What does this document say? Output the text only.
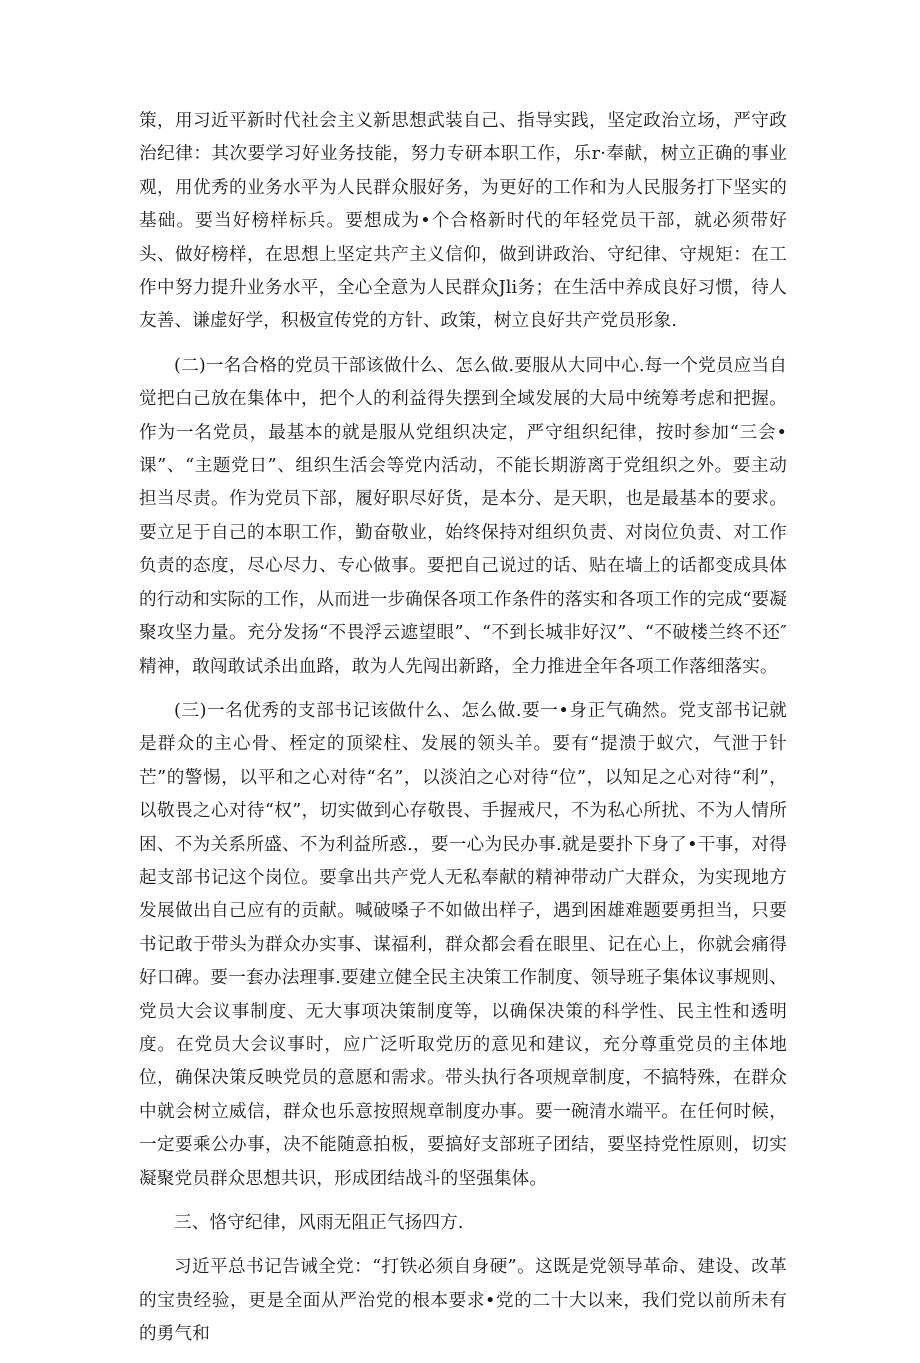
策，用习近平新时代社会主义新思想武装自己、指导实践，坚定政治立场，严守政治纪律：其次要学习好业务技能，努力专研本职工作，乐r·奉献，树立正确的事业观，用优秀的业务水平为人民群众服好务，为更好的工作和为人民服务打下坚实的基础。要当好榜样标兵。要想成为•个合格新时代的年轻党员干部，就必须带好头、做好榜样，在思想上坚定共产主义信仰，做到讲政治、守纪律、守规矩：在工作中努力提升业务水平，全心全意为人民群众Jli务；在生活中养成良好习惯，待人友善、谦虚好学，积极宣传党的方针、政策，树立良好共产党员形象.

(二)一名合格的党员干部该做什么、怎么做.要服从大同中心.每一个党员应当自觉把白己放在集体中，把个人的利益得失摆到全域发展的大局中统筹考虑和把握。作为一名党员，最基本的就是服从党组织决定，严守组织纪律，按时参加“三会•课”、“主题党日”、组织生活会等党内活动，不能长期游离于党组织之外。要主动担当尽责。作为党员下部，履好职尽好货，是本分、是天职，也是最基本的要求。要立足于自己的本职工作，勤奋敬业，始终保持对组织负责、对岗位负责、对工作负责的态度，尽心尽力、专心做事。要把自己说过的话、贴在墙上的话都变成具体的行动和实际的工作，从而进一步确保各项工作条件的落实和各项工作的完成“要凝聚攻坚力量。充分发扬“不畏浮云遮望眼”、“不到长城非好汉”、“不破楼兰终不还″精神，敢闯敢试杀出血路，敢为人先闯出新路，全力推进全年各项工作落细落实。

(三)一名优秀的支部书记该做什么、怎么做.要一•身正气确然。党支部书记就是群众的主心骨、桎定的顶梁柱、发展的领头羊。要有“提溃于蚁穴，气泄于针芒”的警惕，以平和之心对待“名”，以淡泊之心对待“位”，以知足之心对待“利”，以敬畏之心对待“权”，切实做到心存敬畏、手握戒尺，不为私心所扰、不为人情所困、不为关系所盛、不为利益所惑.，要一心为民办事.就是要扑下身了•干事，对得起支部书记这个岗位。要拿出共产党人无私奉献的精神带动广大群众，为实现地方发展做出自己应有的贡献。喊破嗓子不如做出样子，遇到困雄难题要勇担当，只要书记敢于带头为群众办实事、谋福利，群众都会看在眼里、记在心上，你就会痛得好口碑。要一套办法理事.要建立健全民主决策工作制度、领导班子集体议事规则、党员大会议事制度、无大事项决策制度等，以确保决策的科学性、民主性和透明度。在党员大会议事时，应广泛听取党历的意见和建议，充分尊重党员的主体地位，确保决策反映党员的意愿和需求。带头执行各项规章制度，不搞特殊，在群众中就会树立威信，群众也乐意按照规章制度办事。要一碗清水端平。在任何时候，一定要乘公办事，决不能随意拍板，要搞好支部班子团结，要坚持党性原则，切实凝聚党员群众思想共识，形成团结战斗的坚强集体。

三、恪守纪律，风雨无阻正气扬四方.

习近平总书记告诫全党：“打铁必须自身硬”。这既是党领导革命、建设、改革的宝贵经验，更是全面从严治党的根本要求•党的二十大以来，我们党以前所未有的勇气和
